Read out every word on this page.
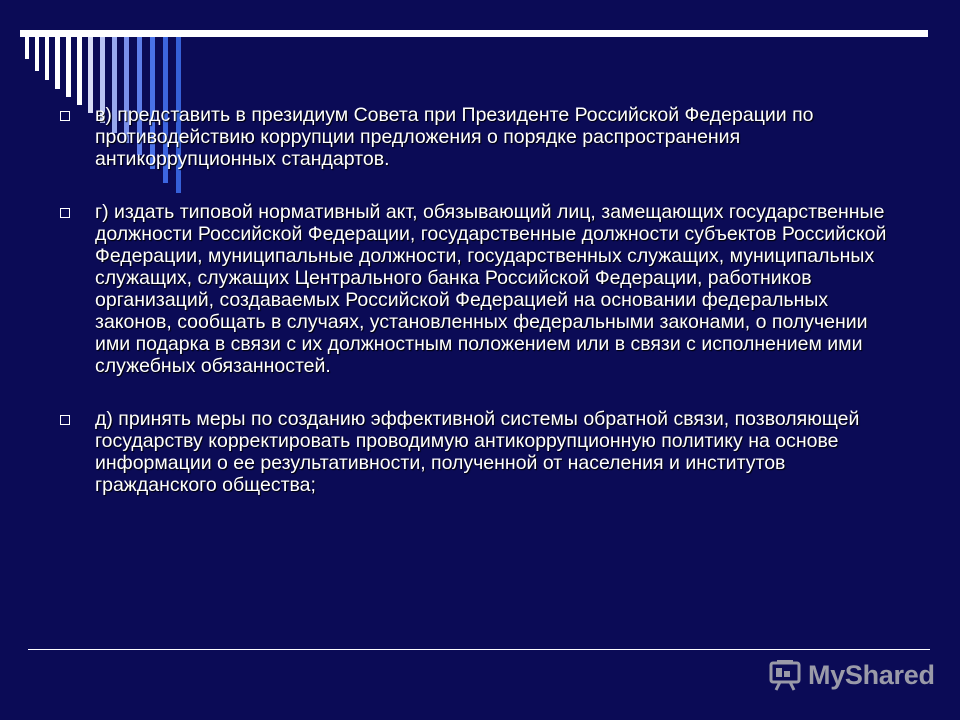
в) представить в президиум Совета при Президенте Российской Федерации по противодействию коррупции предложения о порядке распространения антикоррупционных стандартов.
г) издать типовой нормативный акт, обязывающий лиц, замещающих государственные должности Российской Федерации, государственные должности субъектов Российской Федерации, муниципальные должности, государственных служащих, муниципальных служащих, служащих Центрального банка Российской Федерации, работников организаций, создаваемых Российской Федерацией на основании федеральных законов, сообщать в случаях, установленных федеральными законами, о получении ими подарка в связи с их должностным положением или в связи с исполнением ими служебных обязанностей.
д) принять меры по созданию эффективной системы обратной связи, позволяющей государству корректировать проводимую антикоррупционную политику на основе информации о ее результативности, полученной от населения и институтов гражданского общества;
MyShared
